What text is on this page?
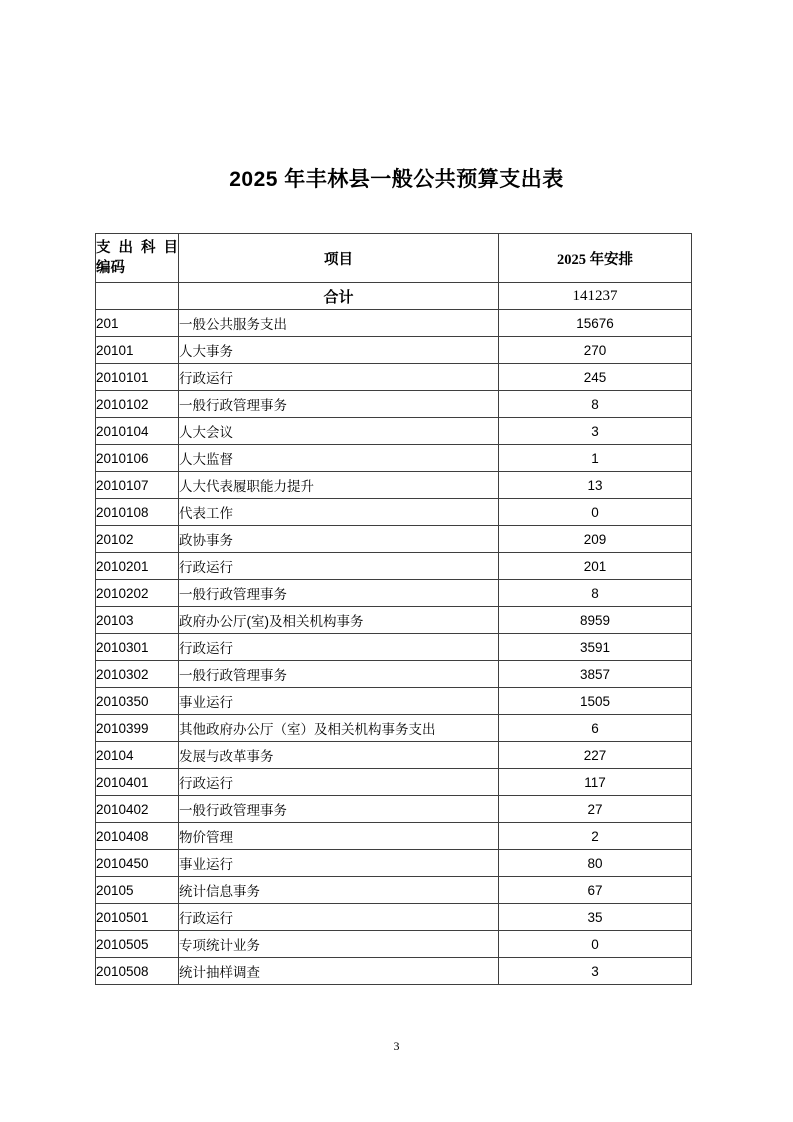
2025 年丰林县一般公共预算支出表
支 出 科 目
编码	项目	2025 年安排
	合计	141237
201	一般公共服务支出	15676
20101	人大事务	270
2010101	行政运行	245
2010102	一般行政管理事务	8
2010104	人大会议	3
2010106	人大监督	1
2010107	人大代表履职能力提升	13
2010108	代表工作	0
20102	政协事务	209
2010201	行政运行	201
2010202	一般行政管理事务	8
20103	政府办公厅(室)及相关机构事务	8959
2010301	行政运行	3591
2010302	一般行政管理事务	3857
2010350	事业运行	1505
2010399	其他政府办公厅（室）及相关机构事务支出	6
20104	发展与改革事务	227
2010401	行政运行	117
2010402	一般行政管理事务	27
2010408	物价管理	2
2010450	事业运行	80
20105	统计信息事务	67
2010501	行政运行	35
2010505	专项统计业务	0
2010508	统计抽样调查	3
3
